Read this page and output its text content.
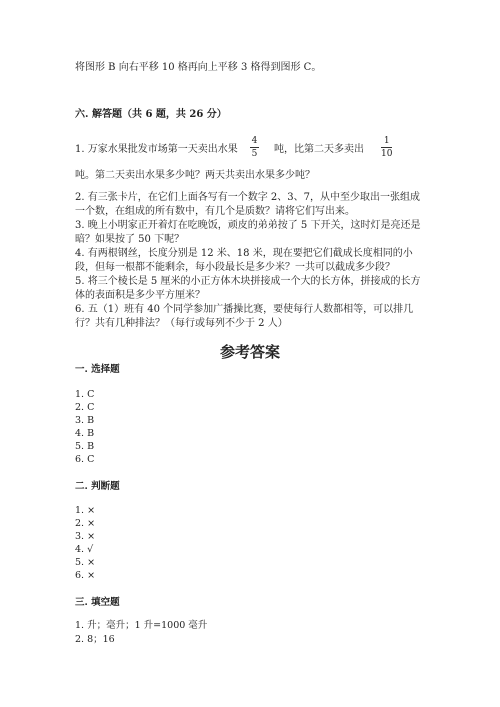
将图形 B 向右平移 10 格再向上平移 3 格得到图形 C。
六. 解答题（共 6 题，共 26 分）
1. 万家水果批发市场第一天卖出水果
4
5 吨，比第二天多卖出
1
10
吨。第二天卖出水果多少吨？两天共卖出水果多少吨？
2. 有三张卡片，在它们上面各写有一个数字 2、3、7，从中至少取出一张组成
一个数，在组成的所有数中，有几个是质数？请将它们写出来。
3. 晚上小明家正开着灯在吃晚饭，顽皮的弟弟按了 5 下开关，这时灯是亮还是
暗？如果按了 50 下呢？
4. 有两根钢丝，长度分别是 12 米、18 米，现在要把它们截成长度相同的小
段，但每一根都不能剩余，每小段最长是多少米？一共可以截成多少段？
5. 将三个棱长是 5 厘米的小正方体木块拼接成一个大的长方体，拼接成的长方
体的表面积是多少平方厘米？
6. 五（1）班有 40 个同学参加广播操比赛，要使每行人数都相等，可以排几
行？共有几种排法？（每行或每列不少于 2 人）
参考答案
一. 选择题
1. C
2. C
3. B
4. B
5. B
6. C
二. 判断题
1. ×
2. ×
3. ×
4. √
5. ×
6. ×
三. 填空题
1. 升；毫升；1 升=1000 毫升
2. 8；16
